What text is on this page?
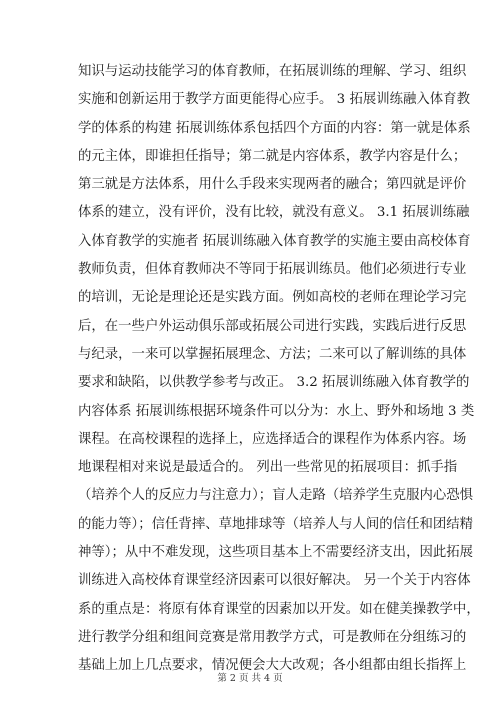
知识与运动技能学习的体育教师，在拓展训练的理解、学习、组织
实施和创新运用于教学方面更能得心应手。 3 拓展训练融入体育教
学的体系的构建 拓展训练体系包括四个方面的内容：第一就是体系
的元主体，即谁担任指导；第二就是内容体系，教学内容是什么；
第三就是方法体系，用什么手段来实现两者的融合；第四就是评价
体系的建立，没有评价，没有比较，就没有意义。 3.1 拓展训练融
入体育教学的实施者 拓展训练融入体育教学的实施主要由高校体育
教师负责，但体育教师决不等同于拓展训练员。他们必须进行专业
的培训，无论是理论还是实践方面。例如高校的老师在理论学习完
后，在一些户外运动俱乐部或拓展公司进行实践，实践后进行反思
与纪录，一来可以掌握拓展理念、方法；二来可以了解训练的具体
要求和缺陷，以供教学参考与改正。 3.2 拓展训练融入体育教学的
内容体系 拓展训练根据环境条件可以分为：水上、野外和场地 3 类
课程。在高校课程的选择上，应选择适合的课程作为体系内容。场
地课程相对来说是最适合的。 列出一些常见的拓展项目：抓手指
（培养个人的反应力与注意力）；盲人走路（培养学生克服内心恐惧
的能力等）；信任背摔、草地排球等（培养人与人间的信任和团结精
神等）；从中不难发现，这些项目基本上不需要经济支出，因此拓展
训练进入高校体育课堂经济因素可以很好解决。 另一个关于内容体
系的重点是：将原有体育课堂的因素加以开发。如在健美操教学中，
进行教学分组和组间竞赛是常用教学方式，可是教师在分组练习的
基础上加上几点要求，情况便会大大改观；各小组都由组长指挥上
第 2 页 共 4 页
